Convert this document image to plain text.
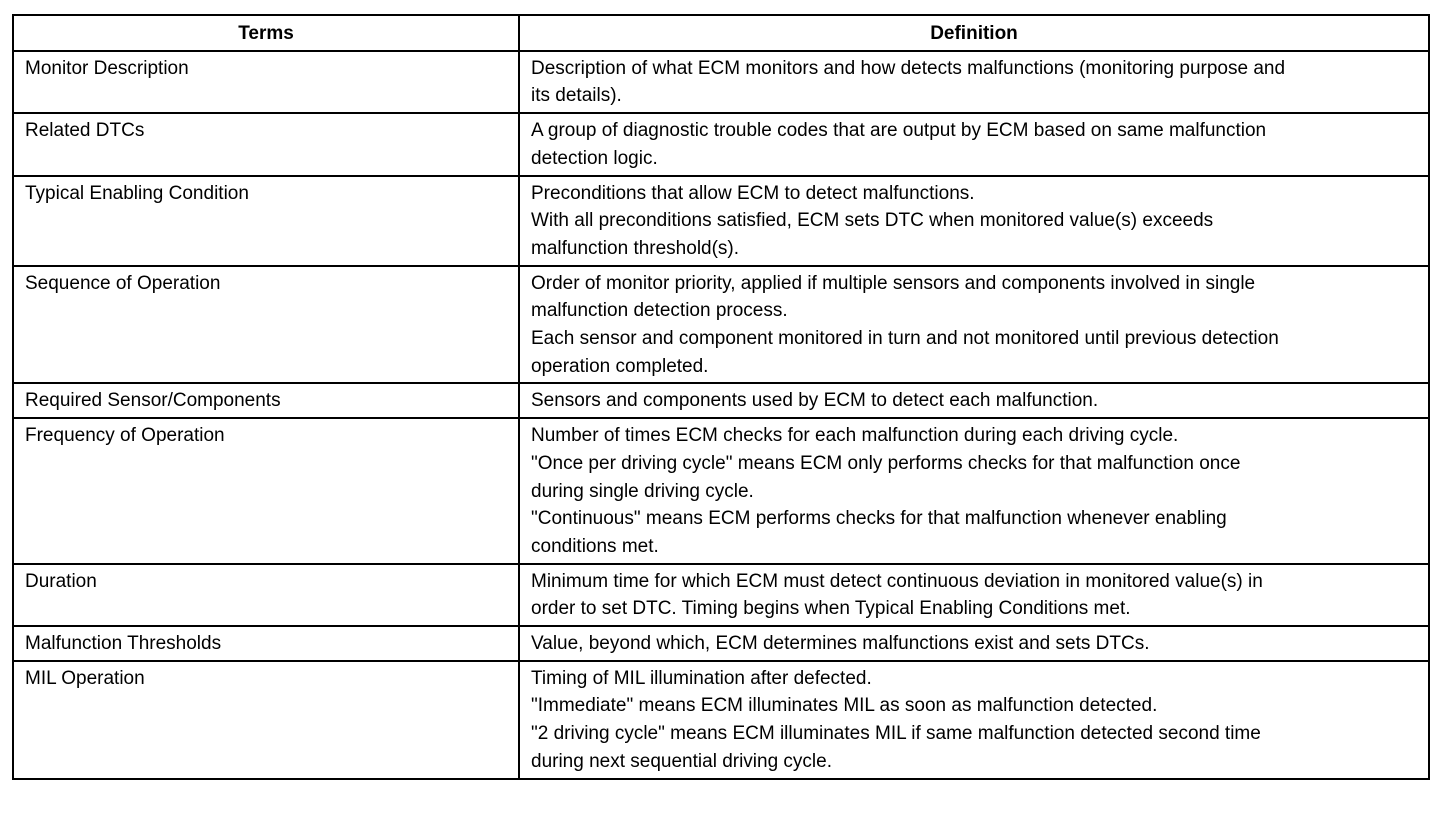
Terms	Definition
Monitor Description	Description of what ECM monitors and how detects malfunctions (monitoring purpose and
its details).

Related DTCs	A group of diagnostic trouble codes that are output by ECM based on same malfunction
detection logic.

Typical Enabling Condition	Preconditions that allow ECM to detect malfunctions.
With all preconditions satisfied, ECM sets DTC when monitored value(s) exceeds
malfunction threshold(s).

Sequence of Operation	Order of monitor priority, applied if multiple sensors and components involved in single
malfunction detection process.
Each sensor and component monitored in turn and not monitored until previous detection
operation completed.

Required Sensor/Components	Sensors and components used by ECM to detect each malfunction.

Frequency of Operation	Number of times ECM checks for each malfunction during each driving cycle.
"Once per driving cycle" means ECM only performs checks for that malfunction once
during single driving cycle.
"Continuous" means ECM performs checks for that malfunction whenever enabling
conditions met.

Duration	Minimum time for which ECM must detect continuous deviation in monitored value(s) in
order to set DTC. Timing begins when Typical Enabling Conditions met.

Malfunction Thresholds	Value, beyond which, ECM determines malfunctions exist and sets DTCs.

MIL Operation	Timing of MIL illumination after defected.
"Immediate" means ECM illuminates MIL as soon as malfunction detected.
"2 driving cycle" means ECM illuminates MIL if same malfunction detected second time
during next sequential driving cycle.
